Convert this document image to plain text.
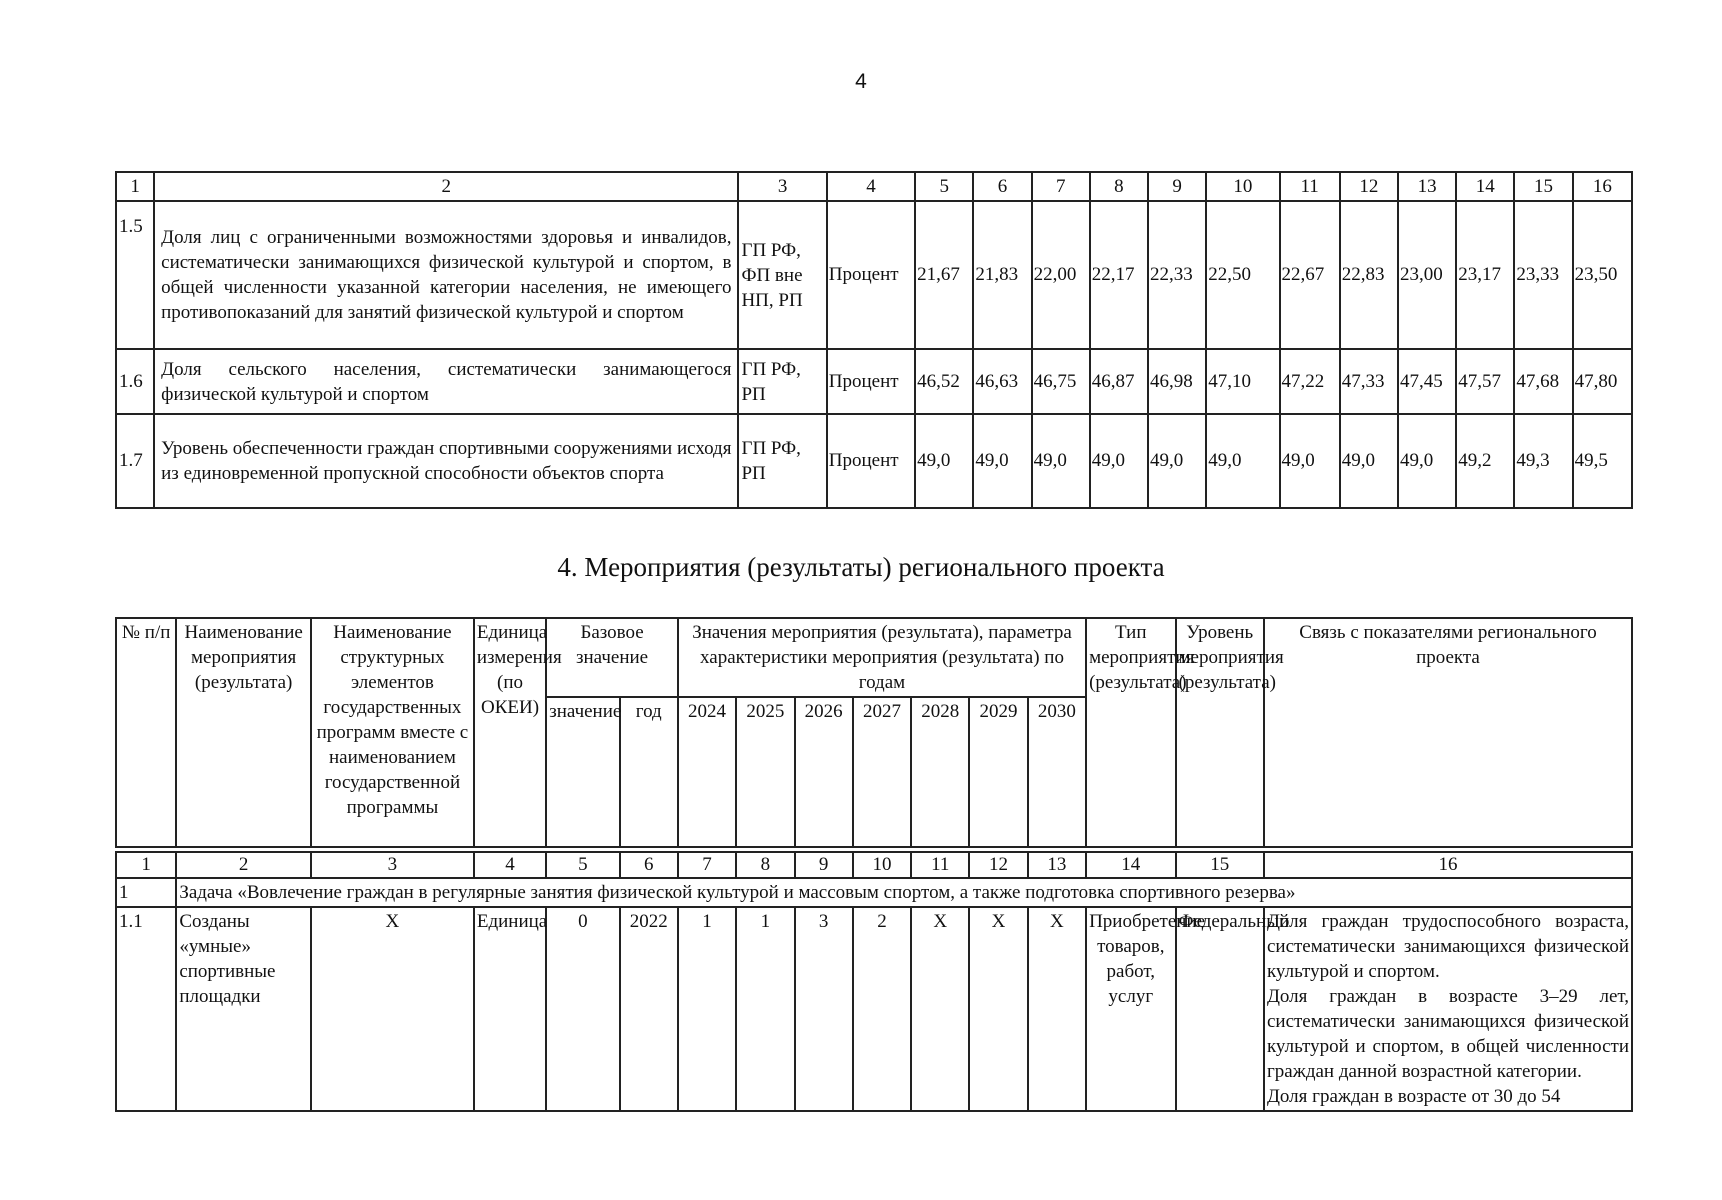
4
1	2	3	4	5	6	7	8	9	10	11	12	13	14	15	16
1.5	Доля лиц с ограниченными возможностями здоровья и инвалидов, систематически занимающихся физической культурой и спортом, в общей численности указанной категории населения, не имеющего противопоказаний для занятий физической культурой и спортом	ГП РФ, ФП вне НП, РП	Процент	21,67	21,83	22,00	22,17	22,33	22,50	22,67	22,83	23,00	23,17	23,33	23,50
1.6	Доля сельского населения, систематически занимающегося физической культурой и спортом	ГП РФ, РП	Процент	46,52	46,63	46,75	46,87	46,98	47,10	47,22	47,33	47,45	47,57	47,68	47,80
1.7	Уровень обеспеченности граждан спортивными сооружениями исходя из единовременной пропускной способности объектов спорта	ГП РФ, РП	Процент	49,0	49,0	49,0	49,0	49,0	49,0	49,0	49,0	49,0	49,2	49,3	49,5
4. Мероприятия (результаты) регионального проекта
№ п/п	Наименование мероприятия (результата)	Наименование структурных элементов государственных программ вместе с наименованием государственной программы	Единица измерения (по ОКЕИ)	Базовое значение		Значения мероприятия (результата), параметра характеристики мероприятия (результата) по годам							Тип мероприятия (результата)	Уровень мероприятия (результата)	Связь с показателями регионального проекта
				значение	год	2024	2025	2026	2027	2028	2029	2030			

1	2	3	4	5	6	7	8	9	10	11	12	13	14	15	16
1	Задача «Вовлечение граждан в регулярные занятия физической культурой и массовым спортом, а также подготовка спортивного резерва»														
1.1	Созданы «умные» спортивные площадки	X	Единица	0	2022	1	1	3	2	X	X	X	Приобретение товаров, работ, услуг	Федеральный	Доля граждан трудоспособного возраста, систематически занимающихся физической культурой и спортом.
Доля граждан в возрасте 3–29 лет, систематически занимающихся физической культурой и спортом, в общей численности граждан данной возрастной категории.
Доля граждан в возрасте от 30 до 54
